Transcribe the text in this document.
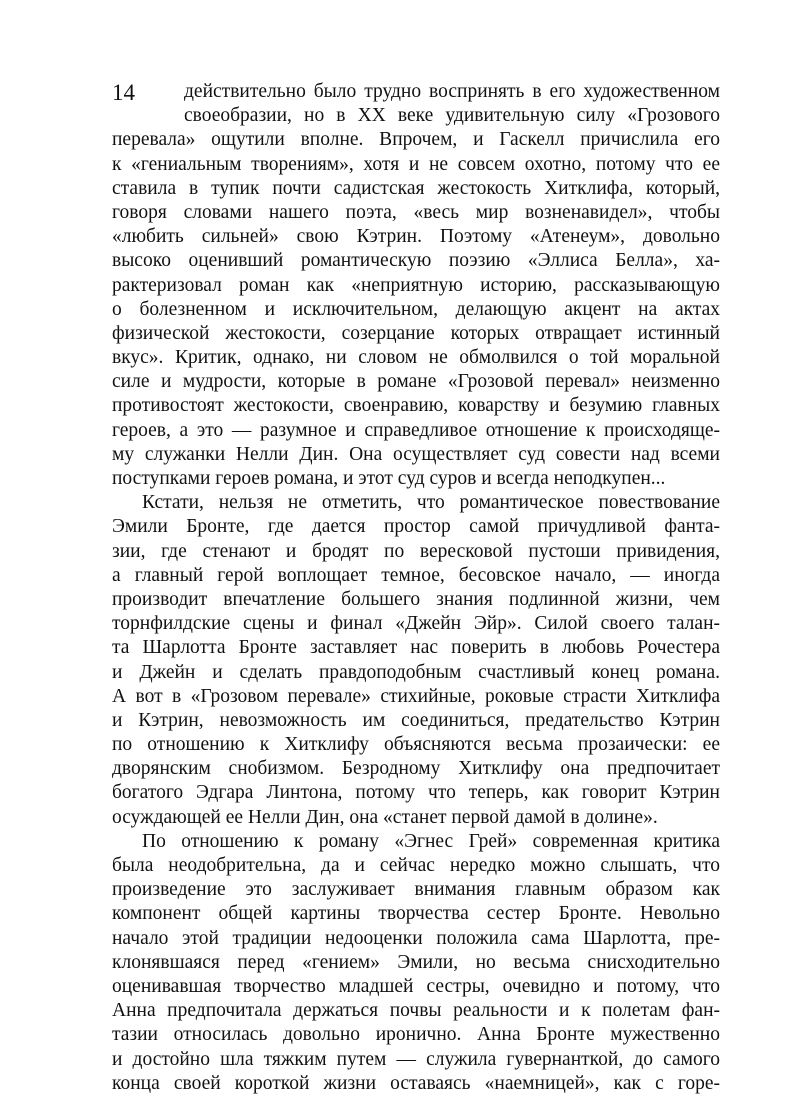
14	действительно было трудно воспринять в его художественном
своеобразии, но в XX веке удивительную силу «Грозового
перевала» ощутили вполне. Впрочем, и Гаскелл причислила его
к «гениальным творениям», хотя и не совсем охотно, потому что ее
ставила в тупик почти садистская жестокость Хитклифа, который,
говоря словами нашего поэта, «весь мир возненавидел», чтобы
«любить сильней» свою Кэтрин. Поэтому «Атенеум», довольно
высоко оценивший романтическую поэзию «Эллиса Белла», ха-
рактеризовал роман как «неприятную историю, рассказывающую
о болезненном и исключительном, делающую акцент на актах
физической жестокости, созерцание которых отвращает истинный
вкус». Критик, однако, ни словом не обмолвился о той моральной
силе и мудрости, которые в романе «Грозовой перевал» неизменно
противостоят жестокости, своенравию, коварству и безумию главных
героев, а это — разумное и справедливое отношение к происходяще-
му служанки Нелли Дин. Она осуществляет суд совести над всеми
поступками героев романа, и этот суд суров и всегда неподкупен...
Кстати, нельзя не отметить, что романтическое повествование
Эмили Бронте, где дается простор самой причудливой фанта-
зии, где стенают и бродят по вересковой пустоши привидения,
а главный герой воплощает темное, бесовское начало, — иногда
производит впечатление большего знания подлинной жизни, чем
торнфилдские сцены и финал «Джейн Эйр». Силой своего талан-
та Шарлотта Бронте заставляет нас поверить в любовь Рочестера
и Джейн и сделать правдоподобным счастливый конец романа.
А вот в «Грозовом перевале» стихийные, роковые страсти Хитклифа
и Кэтрин, невозможность им соединиться, предательство Кэтрин
по отношению к Хитклифу объясняются весьма прозаически: ее
дворянским снобизмом. Безродному Хитклифу она предпочитает
богатого Эдгара Линтона, потому что теперь, как говорит Кэтрин
осуждающей ее Нелли Дин, она «станет первой дамой в долине».
По отношению к роману «Эгнес Грей» современная критика
была неодобрительна, да и сейчас нередко можно слышать, что
произведение это заслуживает внимания главным образом как
компонент общей картины творчества сестер Бронте. Невольно
начало этой традиции недооценки положила сама Шарлотта, пре-
клонявшаяся перед «гением» Эмили, но весьма снисходительно
оценивавшая творчество младшей сестры, очевидно и потому, что
Анна предпочитала держаться почвы реальности и к полетам фан-
тазии относилась довольно иронично. Анна Бронте мужественно
и достойно шла тяжким путем — служила гувернанткой, до самого
конца своей короткой жизни оставаясь «наемницей», как с горе-
